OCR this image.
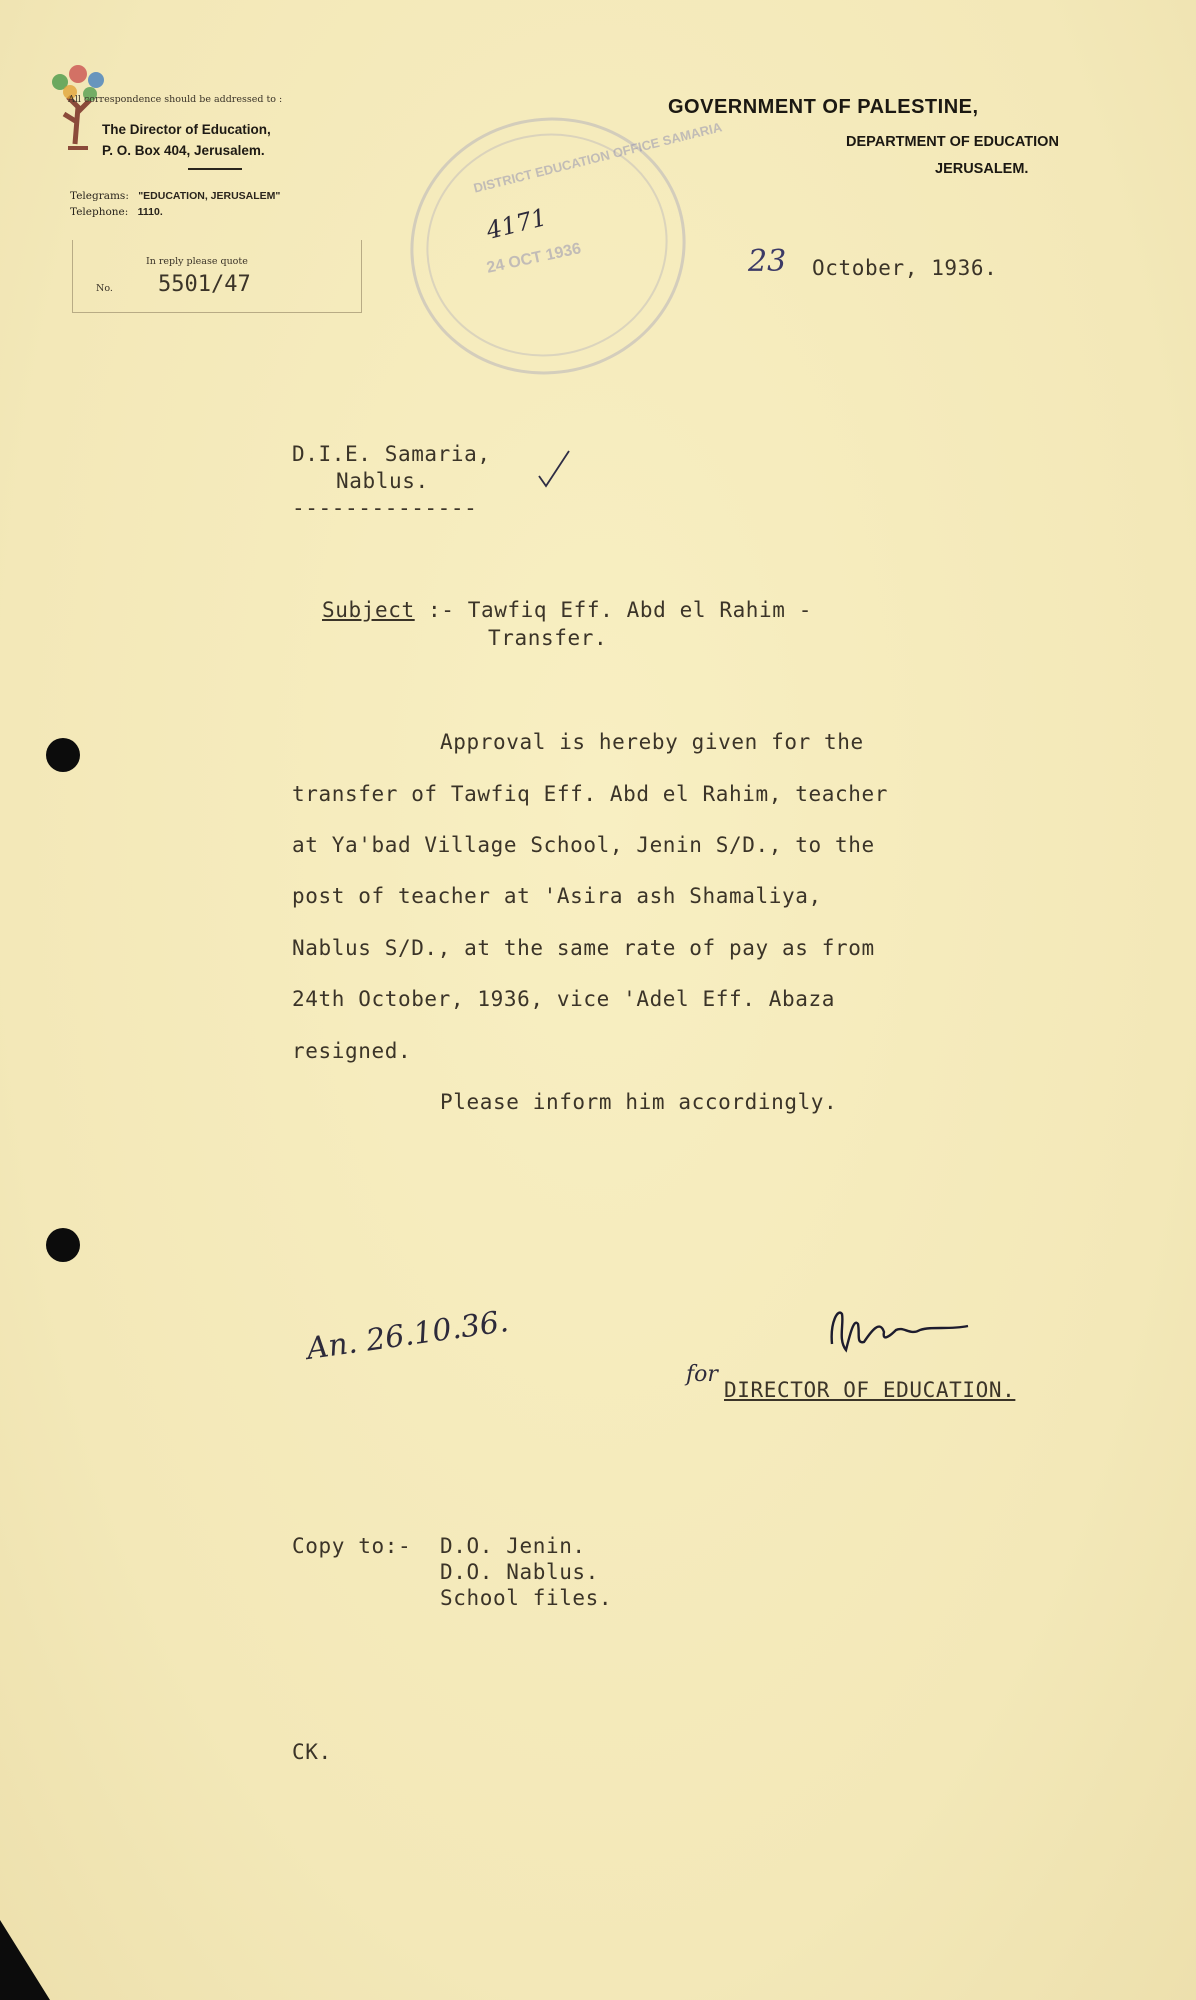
All correspondence should be addressed to :
The Director of Education,
P. O. Box 404, Jerusalem.
Telegrams: "EDUCATION, JERUSALEM"
Telephone: 1110.
In reply please quote
No. 5501/47
GOVERNMENT OF PALESTINE,
DEPARTMENT OF EDUCATION
JERUSALEM.
DISTRICT EDUCATION OFFICE SAMARIA
24 OCT 1936
4171
23 October, 1936.
D.I.E. Samaria,
Nablus.
--------------
Subject :- Tawfiq Eff. Abd el Rahim -
Transfer.
Approval is hereby given for the
transfer of Tawfiq Eff. Abd el Rahim, teacher
at Ya'bad Village School, Jenin S/D., to the
post of teacher at 'Asira ash Shamaliya,
Nablus S/D., at the same rate of pay as from
24th October, 1936, vice 'Adel Eff. Abaza
resigned.
Please inform him accordingly.
An. 26.10.36.
for
DIRECTOR OF EDUCATION.
Copy to:- D.O. Jenin.
D.O. Nablus.
School files.
CK.
